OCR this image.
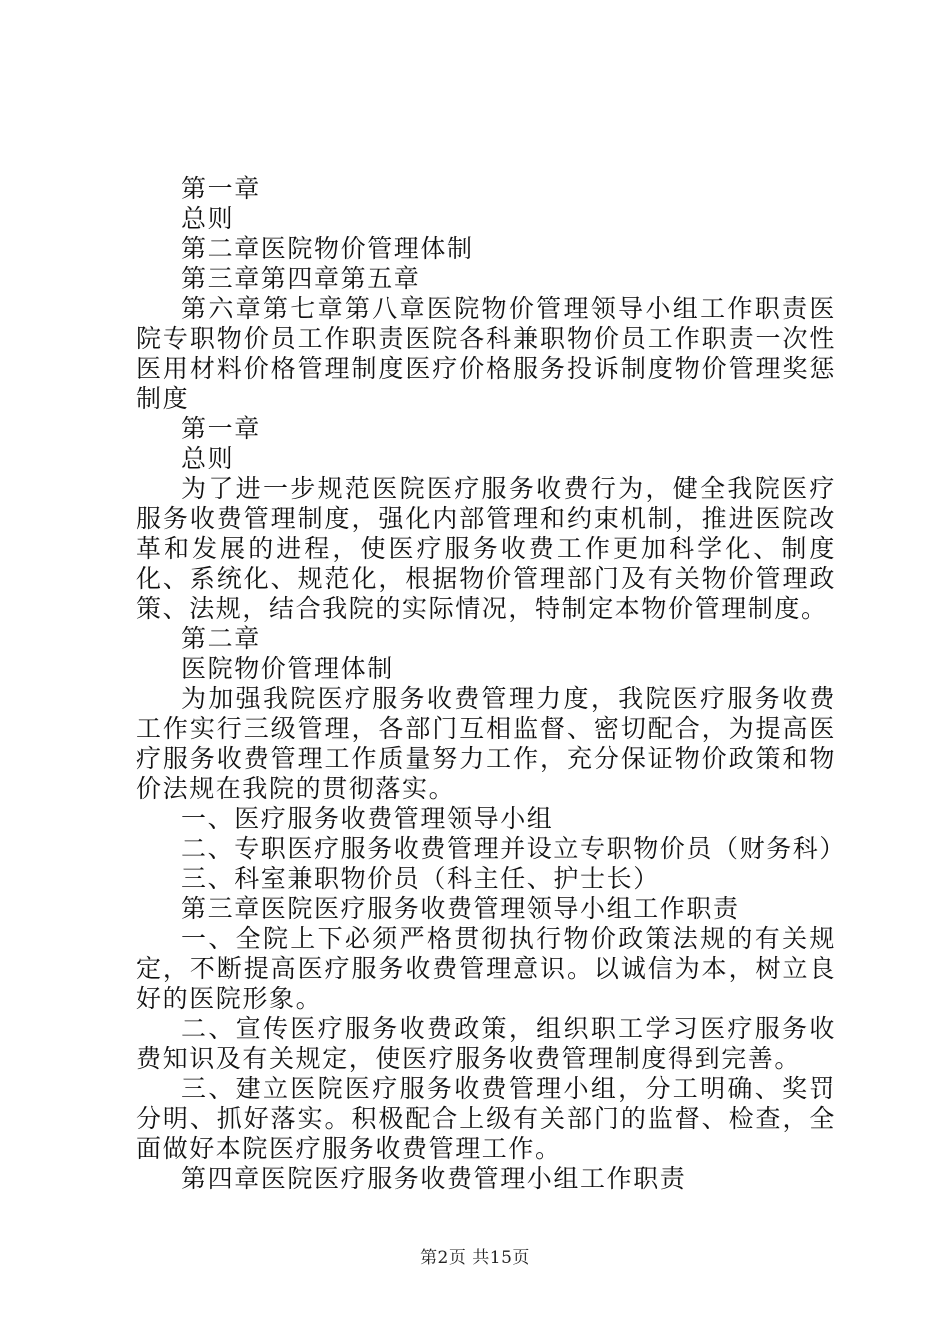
第一章

总则

第二章医院物价管理体制

第三章第四章第五章

第六章第七章第八章医院物价管理领导小组工作职责医院专职物价员工作职责医院各科兼职物价员工作职责一次性医用材料价格管理制度医疗价格服务投诉制度物价管理奖惩制度

第一章

总则

为了进一步规范医院医疗服务收费行为，健全我院医疗服务收费管理制度，强化内部管理和约束机制，推进医院改革和发展的进程，使医疗服务收费工作更加科学化、制度化、系统化、规范化，根据物价管理部门及有关物价管理政策、法规，结合我院的实际情况，特制定本物价管理制度。

第二章

医院物价管理体制

为加强我院医疗服务收费管理力度，我院医疗服务收费工作实行三级管理，各部门互相监督、密切配合，为提高医疗服务收费管理工作质量努力工作，充分保证物价政策和物价法规在我院的贯彻落实。

一、医疗服务收费管理领导小组

二、专职医疗服务收费管理并设立专职物价员（财务科）

三、科室兼职物价员（科主任、护士长）

第三章医院医疗服务收费管理领导小组工作职责

一、全院上下必须严格贯彻执行物价政策法规的有关规定，不断提高医疗服务收费管理意识。以诚信为本，树立良好的医院形象。

二、宣传医疗服务收费政策，组织职工学习医疗服务收费知识及有关规定，使医疗服务收费管理制度得到完善。

三、建立医院医疗服务收费管理小组，分工明确、奖罚分明、抓好落实。积极配合上级有关部门的监督、检查，全面做好本院医疗服务收费管理工作。

第四章医院医疗服务收费管理小组工作职责

第2页 共15页
